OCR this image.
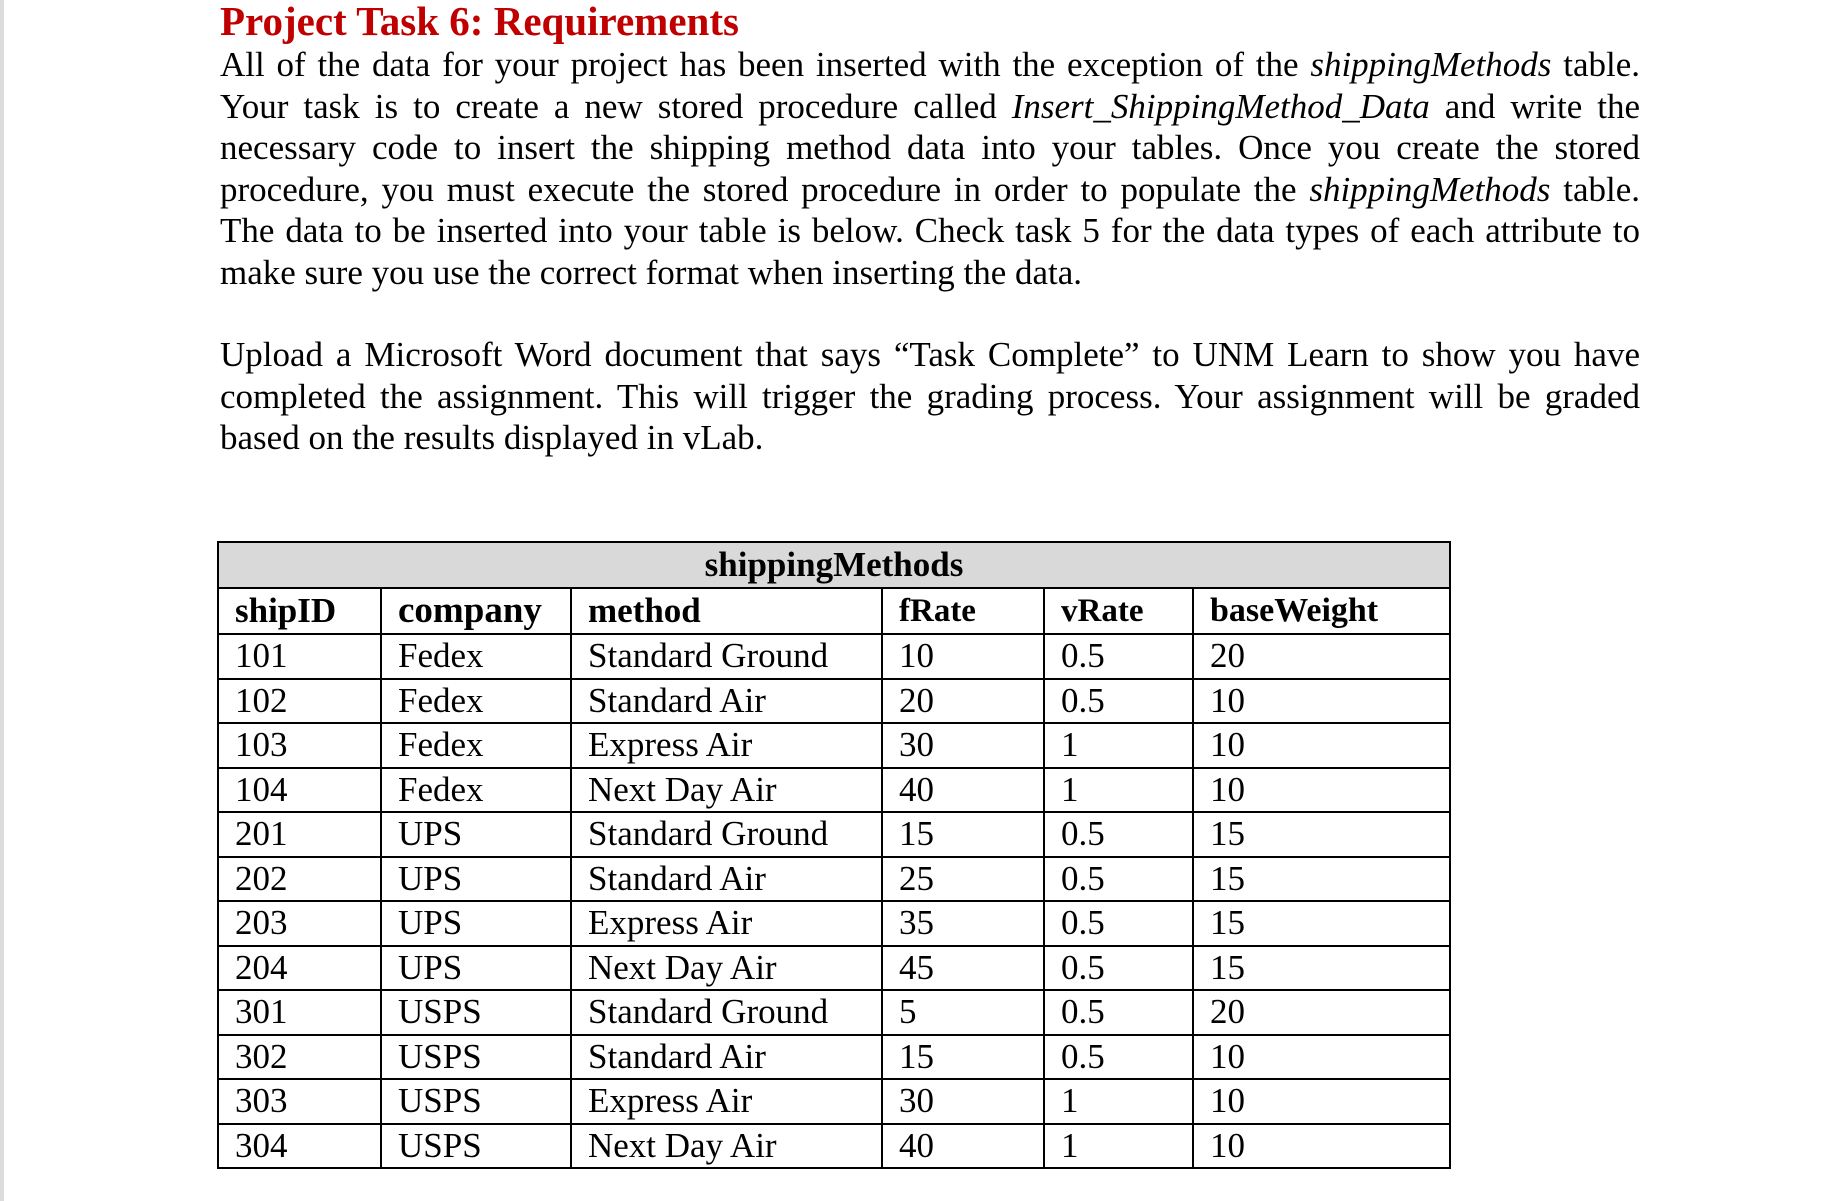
Project Task 6: Requirements

All of the data for your project has been inserted with the exception of the shippingMethods table. Your task is to create a new stored procedure called Insert_ShippingMethod_Data and write the necessary code to insert the shipping method data into your tables. Once you create the stored procedure, you must execute the stored procedure in order to populate the shippingMethods table. The data to be inserted into your table is below. Check task 5 for the data types of each attribute to make sure you use the correct format when inserting the data.

Upload a Microsoft Word document that says “Task Complete” to UNM Learn to show you have completed the assignment. This will trigger the grading process. Your assignment will be graded based on the results displayed in vLab.

shippingMethods					
shipID	company	method	fRate	vRate	baseWeight
101	Fedex	Standard Ground	10	0.5	20
102	Fedex	Standard Air	20	0.5	10
103	Fedex	Express Air	30	1	10
104	Fedex	Next Day Air	40	1	10
201	UPS	Standard Ground	15	0.5	15
202	UPS	Standard Air	25	0.5	15
203	UPS	Express Air	35	0.5	15
204	UPS	Next Day Air	45	0.5	15
301	USPS	Standard Ground	5	0.5	20
302	USPS	Standard Air	15	0.5	10
303	USPS	Express Air	30	1	10
304	USPS	Next Day Air	40	1	10
